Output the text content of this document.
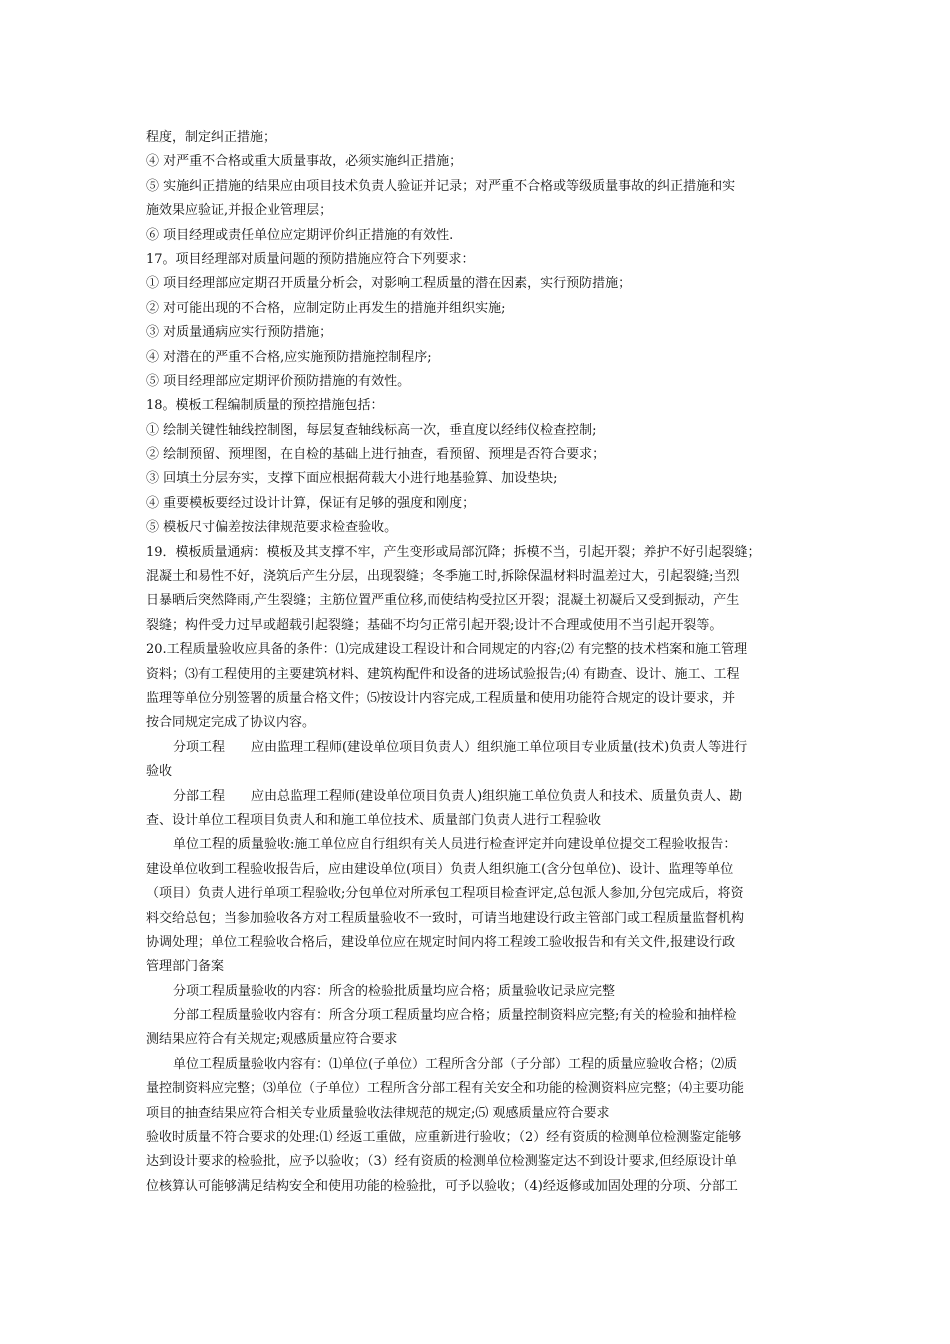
程度，制定纠正措施；
④ 对严重不合格或重大质量事故，必须实施纠正措施；
⑤ 实施纠正措施的结果应由项目技术负责人验证并记录；对严重不合格或等级质量事故的纠正措施和实
施效果应验证,并报企业管理层；
⑥ 项目经理或责任单位应定期评价纠正措施的有效性.
17。项目经理部对质量问题的预防措施应符合下列要求：
① 项目经理部应定期召开质量分析会，对影响工程质量的潜在因素，实行预防措施；
② 对可能出现的不合格，应制定防止再发生的措施并组织实施;
③ 对质量通病应实行预防措施；
④ 对潜在的严重不合格,应实施预防措施控制程序;
⑤ 项目经理部应定期评价预防措施的有效性。
18。模板工程编制质量的预控措施包括：
① 绘制关键性轴线控制图，每层复查轴线标高一次，垂直度以经纬仪检查控制;
② 绘制预留、预埋图，在自检的基础上进行抽查，看预留、预埋是否符合要求；
③ 回填土分层夯实，支撑下面应根据荷载大小进行地基验算、加设垫块;
④ 重要模板要经过设计计算，保证有足够的强度和刚度；
⑤ 模板尺寸偏差按法律规范要求检查验收。
19．模板质量通病：模板及其支撑不牢，产生变形或局部沉降；拆模不当，引起开裂；养护不好引起裂缝；
混凝土和易性不好，浇筑后产生分层，出现裂缝；冬季施工时,拆除保温材料时温差过大，引起裂缝;当烈
日暴晒后突然降雨,产生裂缝；主筋位置严重位移,而使结构受拉区开裂；混凝土初凝后又受到振动，产生
裂缝；构件受力过早或超载引起裂缝；基础不均匀正常引起开裂;设计不合理或使用不当引起开裂等。
20.工程质量验收应具备的条件：⑴完成建设工程设计和合同规定的内容;⑵ 有完整的技术档案和施工管理
资料；⑶有工程使用的主要建筑材料、建筑构配件和设备的进场试验报告;⑷ 有勘查、设计、施工、工程
监理等单位分别签署的质量合格文件；⑸按设计内容完成,工程质量和使用功能符合规定的设计要求，并
按合同规定完成了协议内容。
分项工程　　应由监理工程师(建设单位项目负责人）组织施工单位项目专业质量(技术)负责人等进行
验收
分部工程　　应由总监理工程师(建设单位项目负责人)组织施工单位负责人和技术、质量负责人、勘
查、设计单位工程项目负责人和和施工单位技术、质量部门负责人进行工程验收
单位工程的质量验收:施工单位应自行组织有关人员进行检查评定并向建设单位提交工程验收报告：
建设单位收到工程验收报告后，应由建设单位(项目）负责人组织施工(含分包单位)、设计、监理等单位
（项目）负责人进行单项工程验收;分包单位对所承包工程项目检查评定,总包派人参加,分包完成后，将资
料交给总包；当参加验收各方对工程质量验收不一致时，可请当地建设行政主管部门或工程质量监督机构
协调处理；单位工程验收合格后，建设单位应在规定时间内将工程竣工验收报告和有关文件,报建设行政
管理部门备案
分项工程质量验收的内容：所含的检验批质量均应合格；质量验收记录应完整
分部工程质量验收内容有：所含分项工程质量均应合格；质量控制资料应完整;有关的检验和抽样检
测结果应符合有关规定;观感质量应符合要求
单位工程质量验收内容有：⑴单位(子单位）工程所含分部（子分部）工程的质量应验收合格；⑵质
量控制资料应完整；⑶单位（子单位）工程所含分部工程有关安全和功能的检测资料应完整；⑷主要功能
项目的抽查结果应符合相关专业质量验收法律规范的规定;⑸ 观感质量应符合要求
验收时质量不符合要求的处理:⑴ 经返工重做，应重新进行验收；（2）经有资质的检测单位检测鉴定能够
达到设计要求的检验批，应予以验收；（3）经有资质的检测单位检测鉴定达不到设计要求,但经原设计单
位核算认可能够满足结构安全和使用功能的检验批，可予以验收；（4)经返修或加固处理的分项、分部工
